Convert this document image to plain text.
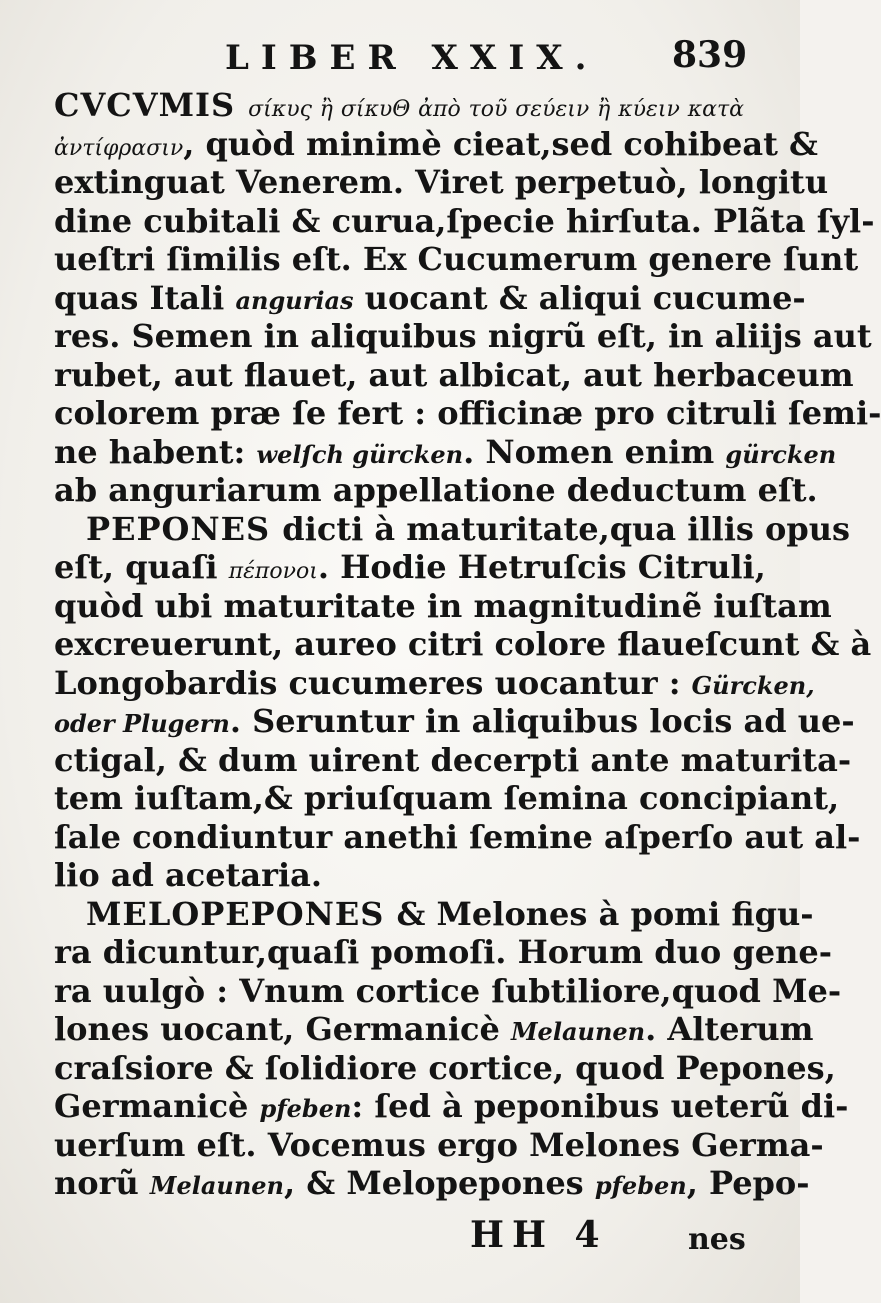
LIBER XXIX. 839
CVCVMIS σίκυς ἢ σίκυΘ ἀπὸ τοῦ σεύειν ἢ κύειν κατὰ
ἀντίφρασιν, quòd minimè cieat,sed cohibeat &
extinguat Venerem. Viret perpetuò, longitu
dine cubitali & curua,ſpecie hirſuta. Plãta ſyl-
ueſtri ſimilis eſt. Ex Cucumerum genere ſunt
quas Itali angurias uocant & aliqui cucume-
res. Semen in aliquibus nigrũ eſt, in aliĳs aut
rubet, aut flauet, aut albicat, aut herbaceum
colorem præ ſe fert : officinæ pro citruli ſemi-
ne habent: welſch gürcken. Nomen enim gürcken
ab anguriarum appellatione deductum eſt.
PEPONES dicti à maturitate,qua illis opus
eſt, quaſi πέπονοι. Hodie Hetruſcis Citruli,
quòd ubi maturitate in magnitudinẽ iuſtam
excreuerunt, aureo citri colore flaueſcunt & à
Longobardis cucumeres uocantur : Gürcken,
oder Plugern. Seruntur in aliquibus locis ad ue-
ctigal, & dum uirent decerpti ante maturita-
tem iuſtam,& priuſquam ſemina concipiant,
ſale condiuntur anethi ſemine aſperſo aut al-
lio ad acetaria.
MELOPEPONES & Melones à pomi figu-
ra dicuntur,quaſi pomoſi. Horum duo gene-
ra uulgò : Vnum cortice ſubtiliore,quod Me-
lones uocant, Germanicè Melaunen. Alterum
craſsiore & ſolidiore cortice, quod Pepones,
Germanicè pfeben: ſed à peponibus ueterũ di-
uerſum eſt. Vocemus ergo Melones Germa-
norũ Melaunen, & Melopepones pfeben, Pepo-
HH 4	nes
